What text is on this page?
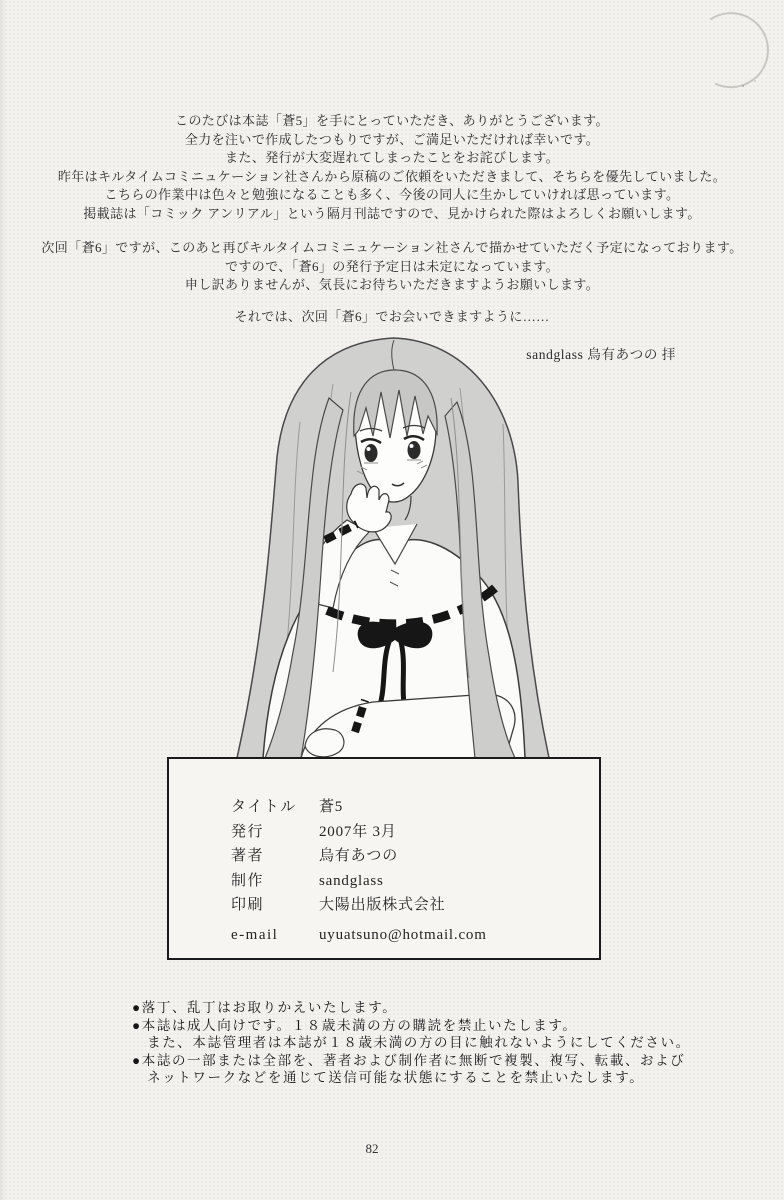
このたびは本誌「蒼5」を手にとっていただき、ありがとうございます。
全力を注いで作成したつもりですが、ご満足いただければ幸いです。
また、発行が大変遅れてしまったことをお詫びします。
昨年はキルタイムコミニュケーション社さんから原稿のご依頼をいただきまして、そちらを優先していました。
こちらの作業中は色々と勉強になることも多く、今後の同人に生かしていければ思っています。
掲載誌は「コミック アンリアル」という隔月刊誌ですので、見かけられた際はよろしくお願いします。
次回「蒼6」ですが、このあと再びキルタイムコミニュケーション社さんで描かせていただく予定になっております。
ですので、「蒼6」の発行予定日は未定になっています。
申し訳ありませんが、気長にお待ちいただきますようお願いします。
それでは、次回「蒼6」でお会いできますように……
sandglass 烏有あつの 拝
タイトル	蒼5
発行	2007年 3月
著者	烏有あつの
制作	sandglass
印刷	大陽出版株式会社
e-mail	uyuatsuno@hotmail.com
●落丁、乱丁はお取りかえいたします。
●本誌は成人向けです。１８歳未満の方の購読を禁止いたします。
　また、本誌管理者は本誌が１８歳未満の方の目に触れないようにしてください。
●本誌の一部または全部を、著者および制作者に無断で複製、複写、転載、および
　ネットワークなどを通じて送信可能な状態にすることを禁止いたします。
82
